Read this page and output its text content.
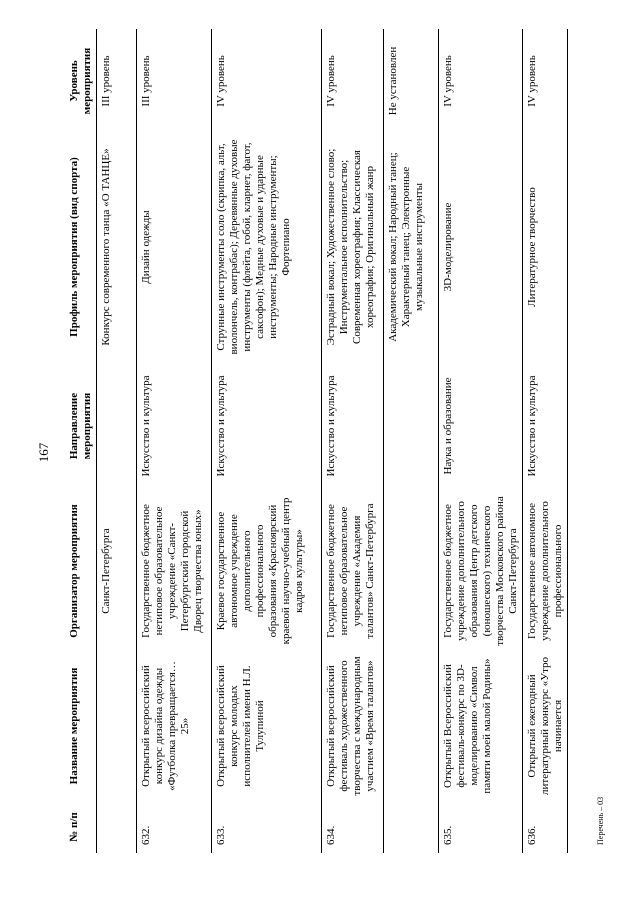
167
№ п/п	Название мероприятия	Организатор мероприятия	Направление мероприятия	Профиль мероприятия (вид спорта)	Уровень мероприятия
		Санкт-Петербурга		Конкурс современного танца «О ТАНЦЕ»	III уровень
632.	Открытый всероссийский конкурс дизайна одежды «Футболка превращается… 25»	Государственное бюджетное нетиповое образовательное учреждение «Санкт-Петербургский городской Дворец творчества юных»	Искусство и культура	Дизайн одежды	III уровень
633.	Открытый всероссийский конкурс молодых исполнителей имени Н.Л. Тулупиной	Краевое государственное автономное учреждение дополнительного профессионального образования «Красноярский краевой научно-учебный центр кадров культуры»	Искусство и культура	Струнные инструменты соло (скрипка, альт, виолончель, контрабас); Деревянные духовые инструменты (флейта, гобой, кларнет, фагот, саксофон); Медные духовые и ударные инструменты; Народные инструменты; Фортепиано	IV уровень
634.	Открытый всероссийский фестиваль художественного творчества с международным участием «Время талантов»	Государственное бюджетное нетиповое образовательное учреждение «Академия талантов» Санкт-Петербурга	Искусство и культура	Эстрадный вокал; Художественное слово; Инструментальное исполнительство; Современная хореография; Классическая хореография; Оригинальный жанр	IV уровень
				Академический вокал; Народный танец; Характерный танец; Электронные музыкальные инструменты	Не установлен
635.	Открытый Всероссийский фестиваль-конкурс по 3D-моделированию «Символ памяти моей малой Родины»	Государственное бюджетное учреждение дополнительного образования Центр детского (юношеского) технического творчества Московского района Санкт-Петербурга	Наука и образование	3D-моделирование	IV уровень
636.	Открытый ежегодный литературный конкурс «Утро начинается	Государственное автономное учреждение дополнительного профессионального	Искусство и культура	Литературное творчество	IV уровень
Перечень – 03
